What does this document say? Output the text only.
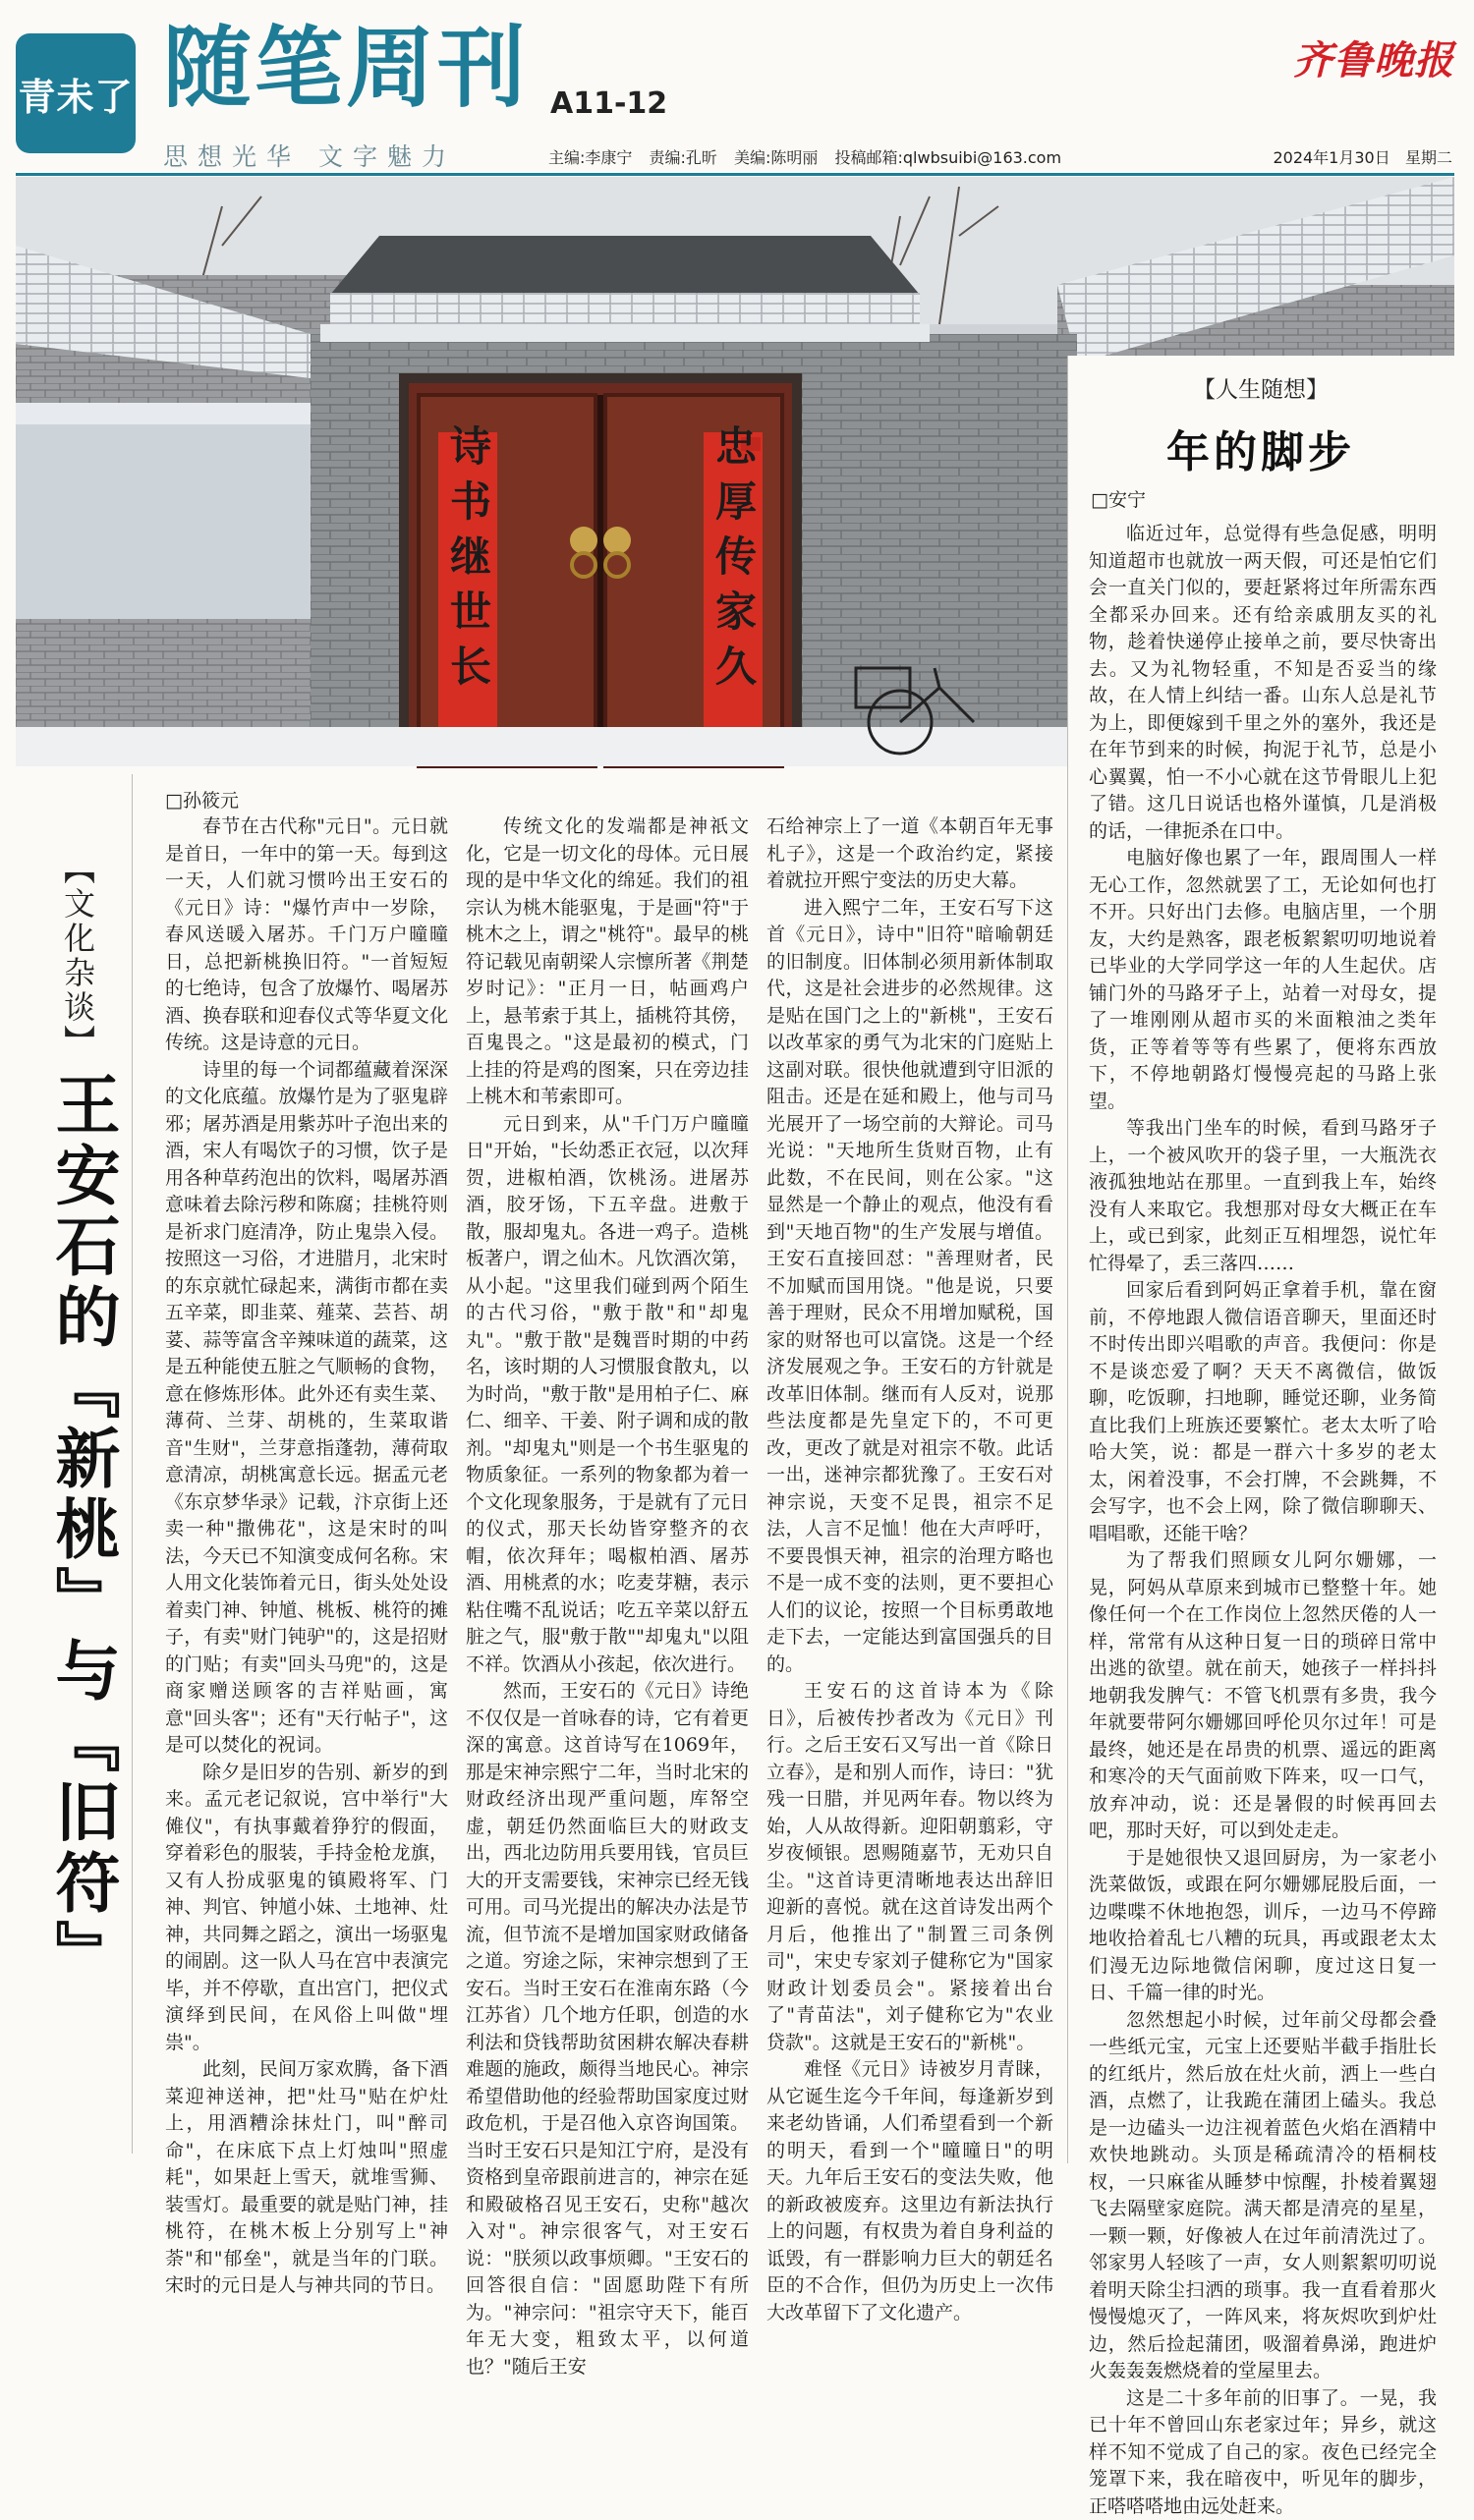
青未了 随笔周刊 A11-12
齐鲁晚报
思想光华 文字魅力	主编:李康宁 责编:孔昕 美编:陈明丽 投稿邮箱:qlwbsuibi@163.com	2024年1月30日 星期二
诗书继世长	忠厚传家久
【人生随想】
年的脚步
□安宁

临近过年，总觉得有些急促感，明明知道超市也就放一两天假，可还是怕它们会一直关门似的，要赶紧将过年所需东西全都采办回来。还有给亲戚朋友买的礼物，趁着快递停止接单之前，要尽快寄出去。又为礼物轻重，不知是否妥当的缘故，在人情上纠结一番。山东人总是礼节为上，即便嫁到千里之外的塞外，我还是在年节到来的时候，拘泥于礼节，总是小心翼翼，怕一不小心就在这节骨眼儿上犯了错。这几日说话也格外谨慎，几是消极的话，一律扼杀在口中。

电脑好像也累了一年，跟周围人一样无心工作，忽然就罢了工，无论如何也打不开。只好出门去修。电脑店里，一个朋友，大约是熟客，跟老板絮絮叨叨地说着已毕业的大学同学这一年的人生起伏。店铺门外的马路牙子上，站着一对母女，提了一堆刚刚从超市买的米面粮油之类年货，正等着等等有些累了，便将东西放下，不停地朝路灯慢慢亮起的马路上张望。

等我出门坐车的时候，看到马路牙子上，一个被风吹开的袋子里，一大瓶洗衣液孤独地站在那里。一直到我上车，始终没有人来取它。我想那对母女大概正在车上，或已到家，此刻正互相埋怨，说忙年忙得晕了，丢三落四……

回家后看到阿妈正拿着手机，靠在窗前，不停地跟人微信语音聊天，里面还时不时传出即兴唱歌的声音。我便问：你是不是谈恋爱了啊？天天不离微信，做饭聊，吃饭聊，扫地聊，睡觉还聊，业务简直比我们上班族还要繁忙。老太太听了哈哈大笑，说：都是一群六十多岁的老太太，闲着没事，不会打牌，不会跳舞，不会写字，也不会上网，除了微信聊聊天、唱唱歌，还能干啥？

为了帮我们照顾女儿阿尔姗娜，一晃，阿妈从草原来到城市已整整十年。她像任何一个在工作岗位上忽然厌倦的人一样，常常有从这种日复一日的琐碎日常中出逃的欲望。就在前天，她孩子一样抖抖地朝我发脾气：不管飞机票有多贵，我今年就要带阿尔姗娜回呼伦贝尔过年！可是最终，她还是在昂贵的机票、遥远的距离和寒冷的天气面前败下阵来，叹一口气，放弃冲动，说：还是暑假的时候再回去吧，那时天好，可以到处走走。

于是她很快又退回厨房，为一家老小洗菜做饭，或跟在阿尔姗娜屁股后面，一边喋喋不休地抱怨，训斥，一边马不停蹄地收拾着乱七八糟的玩具，再或跟老太太们漫无边际地微信闲聊，度过这日复一日、千篇一律的时光。

忽然想起小时候，过年前父母都会叠一些纸元宝，元宝上还要贴半截手指肚长的红纸片，然后放在灶火前，洒上一些白酒，点燃了，让我跪在蒲团上磕头。我总是一边磕头一边注视着蓝色火焰在酒精中欢快地跳动。头顶是稀疏清冷的梧桐枝杈，一只麻雀从睡梦中惊醒，扑棱着翼翅飞去隔壁家庭院。满天都是清亮的星星，一颗一颗，好像被人在过年前清洗过了。邻家男人轻咳了一声，女人则絮絮叨叨说着明天除尘扫洒的琐事。我一直看着那火慢慢熄灭了，一阵风来，将灰烬吹到炉灶边，然后捡起蒲团，吸溜着鼻涕，跑进炉火轰轰轰燃烧着的堂屋里去。

这是二十多年前的旧事了。一晃，我已十年不曾回山东老家过年；异乡，就这样不知不觉成了自己的家。夜色已经完全笼罩下来，我在暗夜中，听见年的脚步，正嗒嗒嗒地由远处赶来。

【文化杂谈】
王安石的『新桃』与『旧符』
□孙筱元

春节在古代称"元日"。元日就是首日，一年中的第一天。每到这一天，人们就习惯吟出王安石的《元日》诗："爆竹声中一岁除，春风送暖入屠苏。千门万户曈曈日，总把新桃换旧符。"一首短短的七绝诗，包含了放爆竹、喝屠苏酒、换春联和迎春仪式等华夏文化传统。这是诗意的元日。

诗里的每一个词都蕴藏着深深的文化底蕴。放爆竹是为了驱鬼辟邪；屠苏酒是用紫苏叶子泡出来的酒，宋人有喝饮子的习惯，饮子是用各种草药泡出的饮料，喝屠苏酒意味着去除污秽和陈腐；挂桃符则是祈求门庭清净，防止鬼祟入侵。按照这一习俗，才进腊月，北宋时的东京就忙碌起来，满街市都在卖五辛菜，即韭菜、薤菜、芸苔、胡荽、蒜等富含辛辣味道的蔬菜，这是五种能使五脏之气顺畅的食物，意在修炼形体。此外还有卖生菜、薄荷、兰芽、胡桃的，生菜取谐音"生财"，兰芽意指蓬勃，薄荷取意清凉，胡桃寓意长远。据孟元老《东京梦华录》记载，汴京街上还卖一种"撒佛花"，这是宋时的叫法，今天已不知演变成何名称。宋人用文化装饰着元日，街头处处设着卖门神、钟馗、桃板、桃符的摊子，有卖"财门钝驴"的，这是招财的门贴；有卖"回头马兜"的，这是商家赠送顾客的吉祥贴画，寓意"回头客"；还有"天行帖子"，这是可以焚化的祝词。

除夕是旧岁的告别、新岁的到来。孟元老记叙说，宫中举行"大傩仪"，有执事戴着狰狞的假面，穿着彩色的服装，手持金枪龙旗，又有人扮成驱鬼的镇殿将军、门神、判官、钟馗小妹、土地神、灶神，共同舞之蹈之，演出一场驱鬼的闹剧。这一队人马在宫中表演完毕，并不停歇，直出宫门，把仪式演绎到民间，在风俗上叫做"埋祟"。

此刻，民间万家欢腾，备下酒菜迎神送神，把"灶马"贴在炉灶上，用酒糟涂抹灶门，叫"醉司命"，在床底下点上灯烛叫"照虚耗"，如果赶上雪天，就堆雪狮、装雪灯。最重要的就是贴门神，挂桃符，在桃木板上分别写上"神荼"和"郁垒"，就是当年的门联。宋时的元日是人与神共同的节日。

传统文化的发端都是神祇文化，它是一切文化的母体。元日展现的是中华文化的绵延。我们的祖宗认为桃木能驱鬼，于是画"符"于桃木之上，谓之"桃符"。最早的桃符记载见南朝梁人宗懔所著《荆楚岁时记》："正月一日，帖画鸡户上，悬苇索于其上，插桃符其傍，百鬼畏之。"这是最初的模式，门上挂的符是鸡的图案，只在旁边挂上桃木和苇索即可。

元日到来，从"千门万户曈曈日"开始，"长幼悉正衣冠，以次拜贺，进椒柏酒，饮桃汤。进屠苏酒，胶牙饧，下五辛盘。进敷于散，服却鬼丸。各进一鸡子。造桃板著户，谓之仙木。凡饮酒次第，从小起。"这里我们碰到两个陌生的古代习俗，"敷于散"和"却鬼丸"。"敷于散"是魏晋时期的中药名，该时期的人习惯服食散丸，以为时尚，"敷于散"是用柏子仁、麻仁、细辛、干姜、附子调和成的散剂。"却鬼丸"则是一个书生驱鬼的物质象征。一系列的物象都为着一个文化现象服务，于是就有了元日的仪式，那天长幼皆穿整齐的衣帽，依次拜年；喝椒柏酒、屠苏酒、用桃煮的水；吃麦芽糖，表示粘住嘴不乱说话；吃五辛菜以舒五脏之气，服"敷于散""却鬼丸"以阻不祥。饮酒从小孩起，依次进行。

然而，王安石的《元日》诗绝不仅仅是一首咏春的诗，它有着更深的寓意。这首诗写在1069年，那是宋神宗熙宁二年，当时北宋的财政经济出现严重问题，库帑空虚，朝廷仍然面临巨大的财政支出，西北边防用兵要用钱，官员巨大的开支需要钱，宋神宗已经无钱可用。司马光提出的解决办法是节流，但节流不是增加国家财政储备之道。穷途之际，宋神宗想到了王安石。当时王安石在淮南东路（今江苏省）几个地方任职，创造的水利法和贷钱帮助贫困耕农解决春耕难题的施政，颇得当地民心。神宗希望借助他的经验帮助国家度过财政危机，于是召他入京咨询国策。当时王安石只是知江宁府，是没有资格到皇帝跟前进言的，神宗在延和殿破格召见王安石，史称"越次入对"。神宗很客气，对王安石说："朕须以政事烦卿。"王安石的回答很自信："固愿助陛下有所为。"神宗问："祖宗守天下，能百年无大变，粗致太平，以何道也？"随后王安

石给神宗上了一道《本朝百年无事札子》，这是一个政治约定，紧接着就拉开熙宁变法的历史大幕。

进入熙宁二年，王安石写下这首《元日》，诗中"旧符"暗喻朝廷的旧制度。旧体制必须用新体制取代，这是社会进步的必然规律。这是贴在国门之上的"新桃"，王安石以改革家的勇气为北宋的门庭贴上这副对联。很快他就遭到守旧派的阻击。还是在延和殿上，他与司马光展开了一场空前的大辩论。司马光说："天地所生货财百物，止有此数，不在民间，则在公家。"这显然是一个静止的观点，他没有看到"天地百物"的生产发展与增值。王安石直接回怼："善理财者，民不加赋而国用饶。"他是说，只要善于理财，民众不用增加赋税，国家的财帑也可以富饶。这是一个经济发展观之争。王安石的方针就是改革旧体制。继而有人反对，说那些法度都是先皇定下的，不可更改，更改了就是对祖宗不敬。此话一出，迷神宗都犹豫了。王安石对神宗说，天变不足畏，祖宗不足法，人言不足恤！他在大声呼吁，不要畏惧天神，祖宗的治理方略也不是一成不变的法则，更不要担心人们的议论，按照一个目标勇敢地走下去，一定能达到富国强兵的目的。

王安石的这首诗本为《除日》，后被传抄者改为《元日》刊行。之后王安石又写出一首《除日立春》，是和别人而作，诗曰："犹残一日腊，并见两年春。物以终为始，人从故得新。迎阳朝翦彩，守岁夜倾银。恩赐随嘉节，无劝只自尘。"这首诗更清晰地表达出辞旧迎新的喜悦。就在这首诗发出两个月后，他推出了"制置三司条例司"，宋史专家刘子健称它为"国家财政计划委员会"。紧接着出台了"青苗法"，刘子健称它为"农业贷款"。这就是王安石的"新桃"。

难怪《元日》诗被岁月青睐，从它诞生迄今千年间，每逢新岁到来老幼皆诵，人们希望看到一个新的明天，看到一个"曈曈日"的明天。九年后王安石的变法失败，他的新政被废弃。这里边有新法执行上的问题，有权贵为着自身利益的诋毁，有一群影响力巨大的朝廷名臣的不合作，但仍为历史上一次伟大改革留下了文化遗产。
